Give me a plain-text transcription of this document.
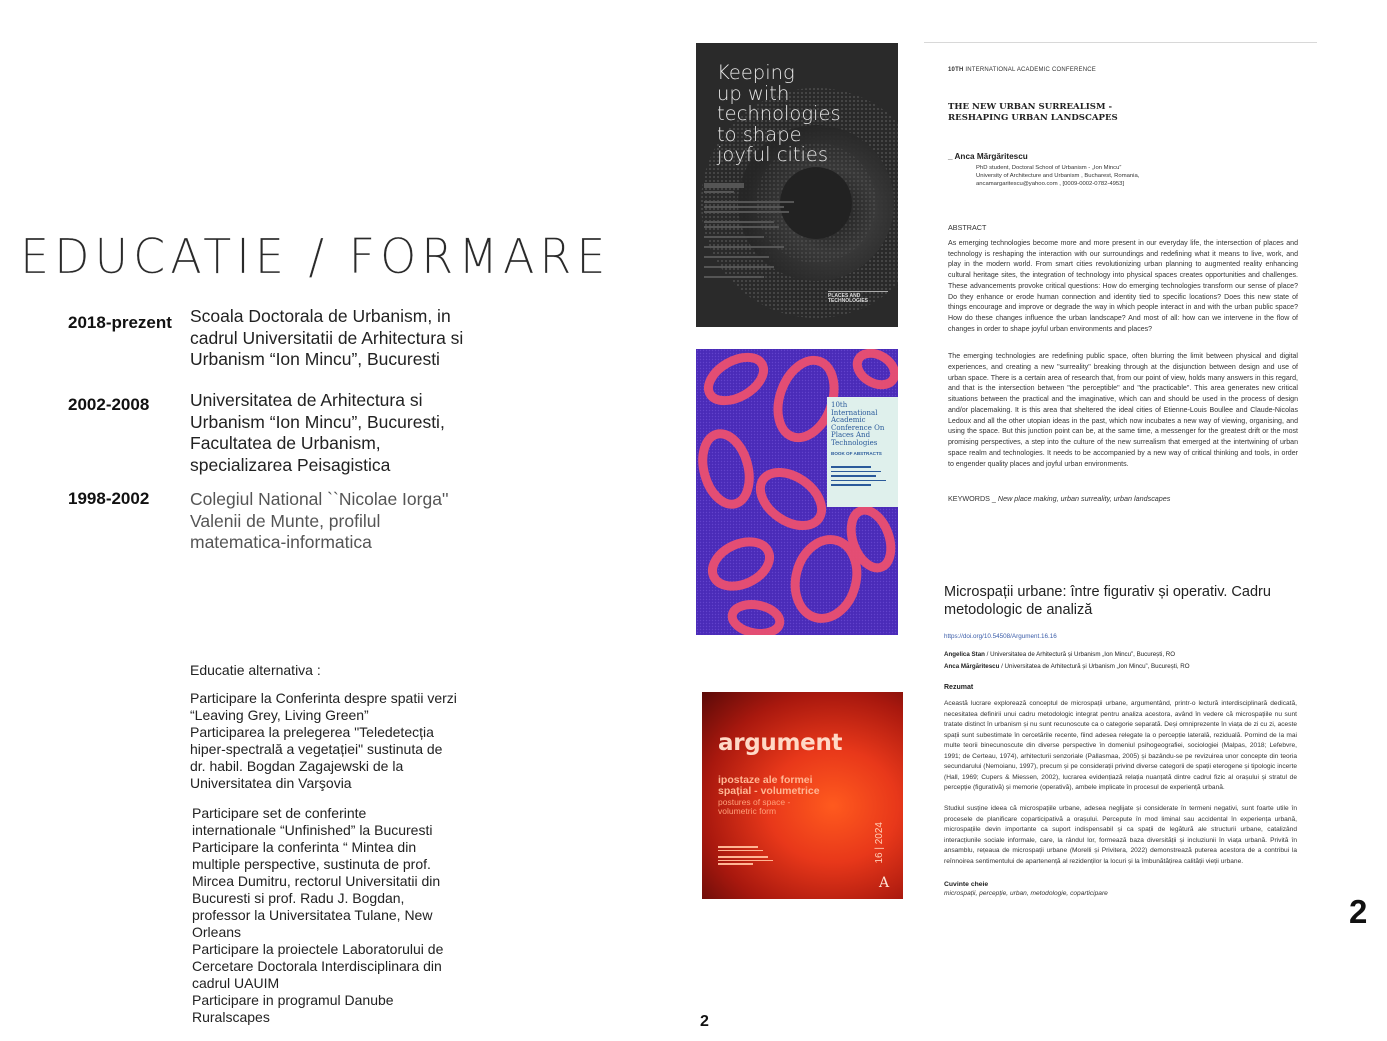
EDUCATIE / FORMARE
2018-prezent Scoala Doctorala de Urbanism, in
cadrul Universitatii de Arhitectura si
Urbanism “Ion Mincu”, Bucuresti
2002-2008 Universitatea de Arhitectura si
Urbanism “Ion Mincu”, Bucuresti,
Facultatea de Urbanism,
specializarea Peisagistica
1998-2002 Colegiul National ``Nicolae Iorga''
Valenii de Munte, profilul
matematica-informatica
Educatie alternativa :
Participare la Conferinta despre spatii verzi
“Leaving Grey, Living Green”
Participarea la prelegerea "Teledetecția
hiper-spectrală a vegetației" sustinuta de
dr. habil. Bogdan Zagajewski de la
Universitatea din Varşovia
Participare set de conferinte
internationale “Unfinished” la Bucuresti
Participare la conferinta “ Mintea din
multiple perspective, sustinuta de prof.
Mircea Dumitru, rectorul Universitatii din
Bucuresti si prof. Radu J. Bogdan,
professor la Universitatea Tulane, New
Orleans
Participare la proiectele Laboratorului de
Cercetare Doctorala Interdisciplinara din
cadrul UAUIM
Participare in programul Danube
Ruralscapes
Keeping
up with
technologies
to shape
joyful cities
PLACES AND TECHNOLOGIES
10th
International
Academic
Conference On
Places And
Technologies
BOOK OF ABSTRACTS
argument
ipostaze ale formei
spațial - volumetrice
postures of space -
volumetric form
16 | 2024
A
10TH INTERNATIONAL ACADEMIC CONFERENCE
THE NEW URBAN SURREALISM -
RESHAPING URBAN LANDSCAPES
_ Anca Mărgăritescu
PhD student, Doctoral School of Urbanism - „Ion Mincu”
University of Architecture and Urbanism , Bucharest, Romania,
ancamargaritescu@yahoo.com , [0009-0002-0782-4953]
ABSTRACT
As emerging technologies become more and more present in our everyday life, the intersection of places and technology is reshaping the interaction with our surroundings and redefining what it means to live, work, and play in the modern world. From smart cities revolutionizing urban planning to augmented reality enhancing cultural heritage sites, the integration of technology into physical spaces creates opportunities and challenges. These advancements provoke critical questions: How do emerging technologies transform our sense of place? Do they enhance or erode human connection and identity tied to specific locations? Does this new state of things encourage and improve or degrade the way in which people interact in and with the urban public space? How do these changes influence the urban landscape? And most of all: how can we intervene in the flow of changes in order to shape joyful urban environments and places?
The emerging technologies are redefining public space, often blurring the limit between physical and digital experiences, and creating a new "surreality" breaking through at the disjunction between design and use of urban space. There is a certain area of research that, from our point of view, holds many answers in this regard, and that is the intersection between "the perceptible" and "the practicable". This area generates new critical situations between the practical and the imaginative, which can and should be used in the process of design and/or placemaking. It is this area that sheltered the ideal cities of Etienne-Louis Boullee and Claude-Nicolas Ledoux and all the other utopian ideas in the past, which now incubates a new way of viewing, organising, and using the space. But this junction point can be, at the same time, a messenger for the greatest drift or the most promising perspectives, a step into the culture of the new surrealism that emerged at the intertwining of urban space realm and technologies. It needs to be accompanied by a new way of critical thinking and tools, in order to engender quality places and joyful urban environments.
KEYWORDS _ New place making, urban surreality, urban landscapes
Microspații urbane: între figurativ și operativ. Cadru
metodologic de analiză
https://doi.org/10.54508/Argument.16.16
Angelica Stan / Universitatea de Arhitectură și Urbanism „Ion Mincu”, București, RO
Anca Mărgăritescu / Universitatea de Arhitectură și Urbanism „Ion Mincu”, București, RO
Rezumat
Această lucrare explorează conceptul de microspații urbane, argumentând, printr-o lectură interdisciplinară dedicată, necesitatea definirii unui cadru metodologic integrat pentru analiza acestora, având în vedere că microspațiile nu sunt tratate distinct în urbanism și nu sunt recunoscute ca o categorie separată. Deși omniprezente în viața de zi cu zi, aceste spații sunt subestimate în cercetările recente, fiind adesea relegate la o percepție laterală, reziduală. Pornind de la mai multe teorii binecunoscute din diverse perspective în domeniul psihogeografiei, sociologiei (Malpas, 2018; Lefebvre, 1991; de Certeau, 1974), arhitecturii senzoriale (Pallasmaa, 2005) și bazându-se pe revizuirea unor concepte din teoria secundarului (Nemoianu, 1997), precum și pe considerații privind diverse categorii de spații eterogene și tipologic incerte (Hall, 1969; Cupers & Miessen, 2002), lucrarea evidențiază relația nuanțată dintre cadrul fizic al orașului și stratul de percepție (figurativă) și memorie (operativă), ambele implicate în procesul de experiență urbană.
Studiul susține ideea că microspațiile urbane, adesea neglijate și considerate în termeni negativi, sunt foarte utile în procesele de planificare coparticipativă a orașului. Percepute în mod liminal sau accidental în experiența urbană, microspațiile devin importante ca suport indispensabil și ca spații de legătură ale structurii urbane, catalizând interacțiunile sociale informale, care, la rândul lor, formează baza diversității și incluziunii în viața urbană. Privită în ansamblu, rețeaua de microspații urbane (Morelli și Privitera, 2022) demonstrează puterea acestora de a contribui la reînnoirea sentimentului de apartenență al rezidenților la locuri și la îmbunătățirea calității vieții urbane.
Cuvinte cheie
microspații, percepție, urban, metodologie, coparticipare	2
2
